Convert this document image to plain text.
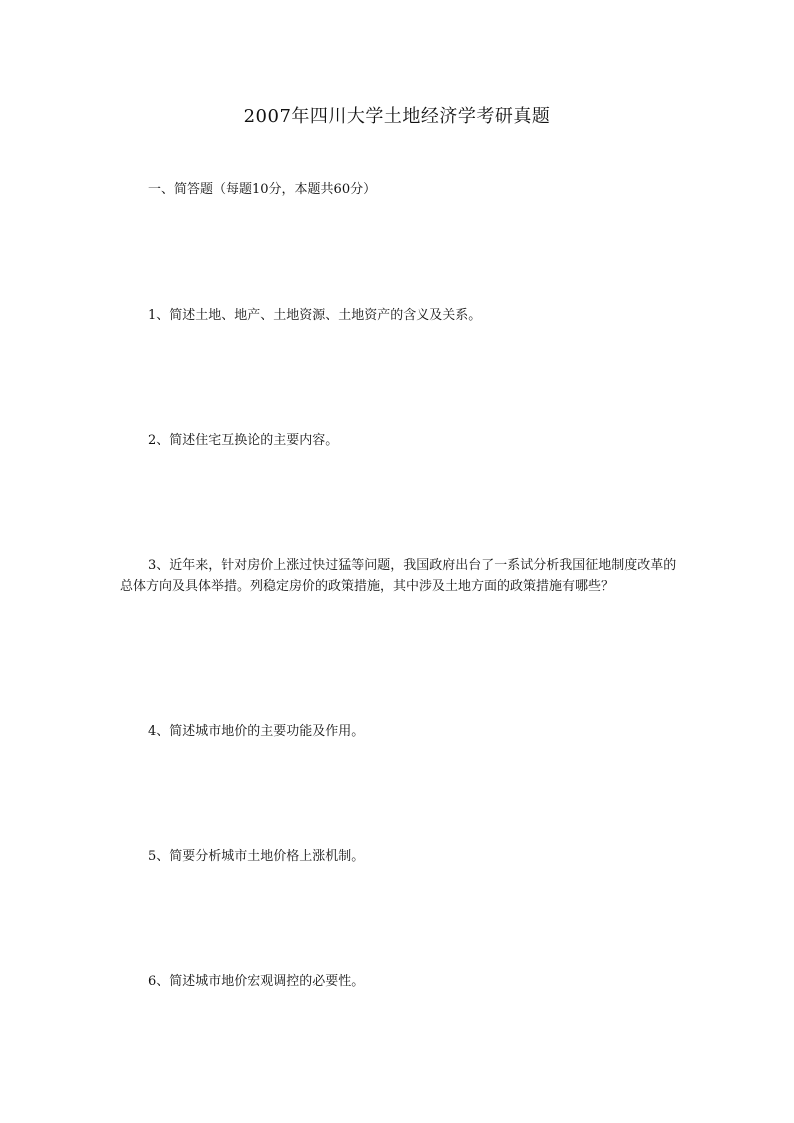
2007年四川大学土地经济学考研真题
一、简答题（每题10分，本题共60分）

1、简述土地、地产、土地资源、土地资产的含义及关系。

2、简述住宅互换论的主要内容。

3、近年来，针对房价上涨过快过猛等问题，我国政府出台了一系试分析我国征地制度改革的总体方向及具体举措。列稳定房价的政策措施，其中涉及土地方面的政策措施有哪些？

4、简述城市地价的主要功能及作用。

5、简要分析城市土地价格上涨机制。

6、简述城市地价宏观调控的必要性。
